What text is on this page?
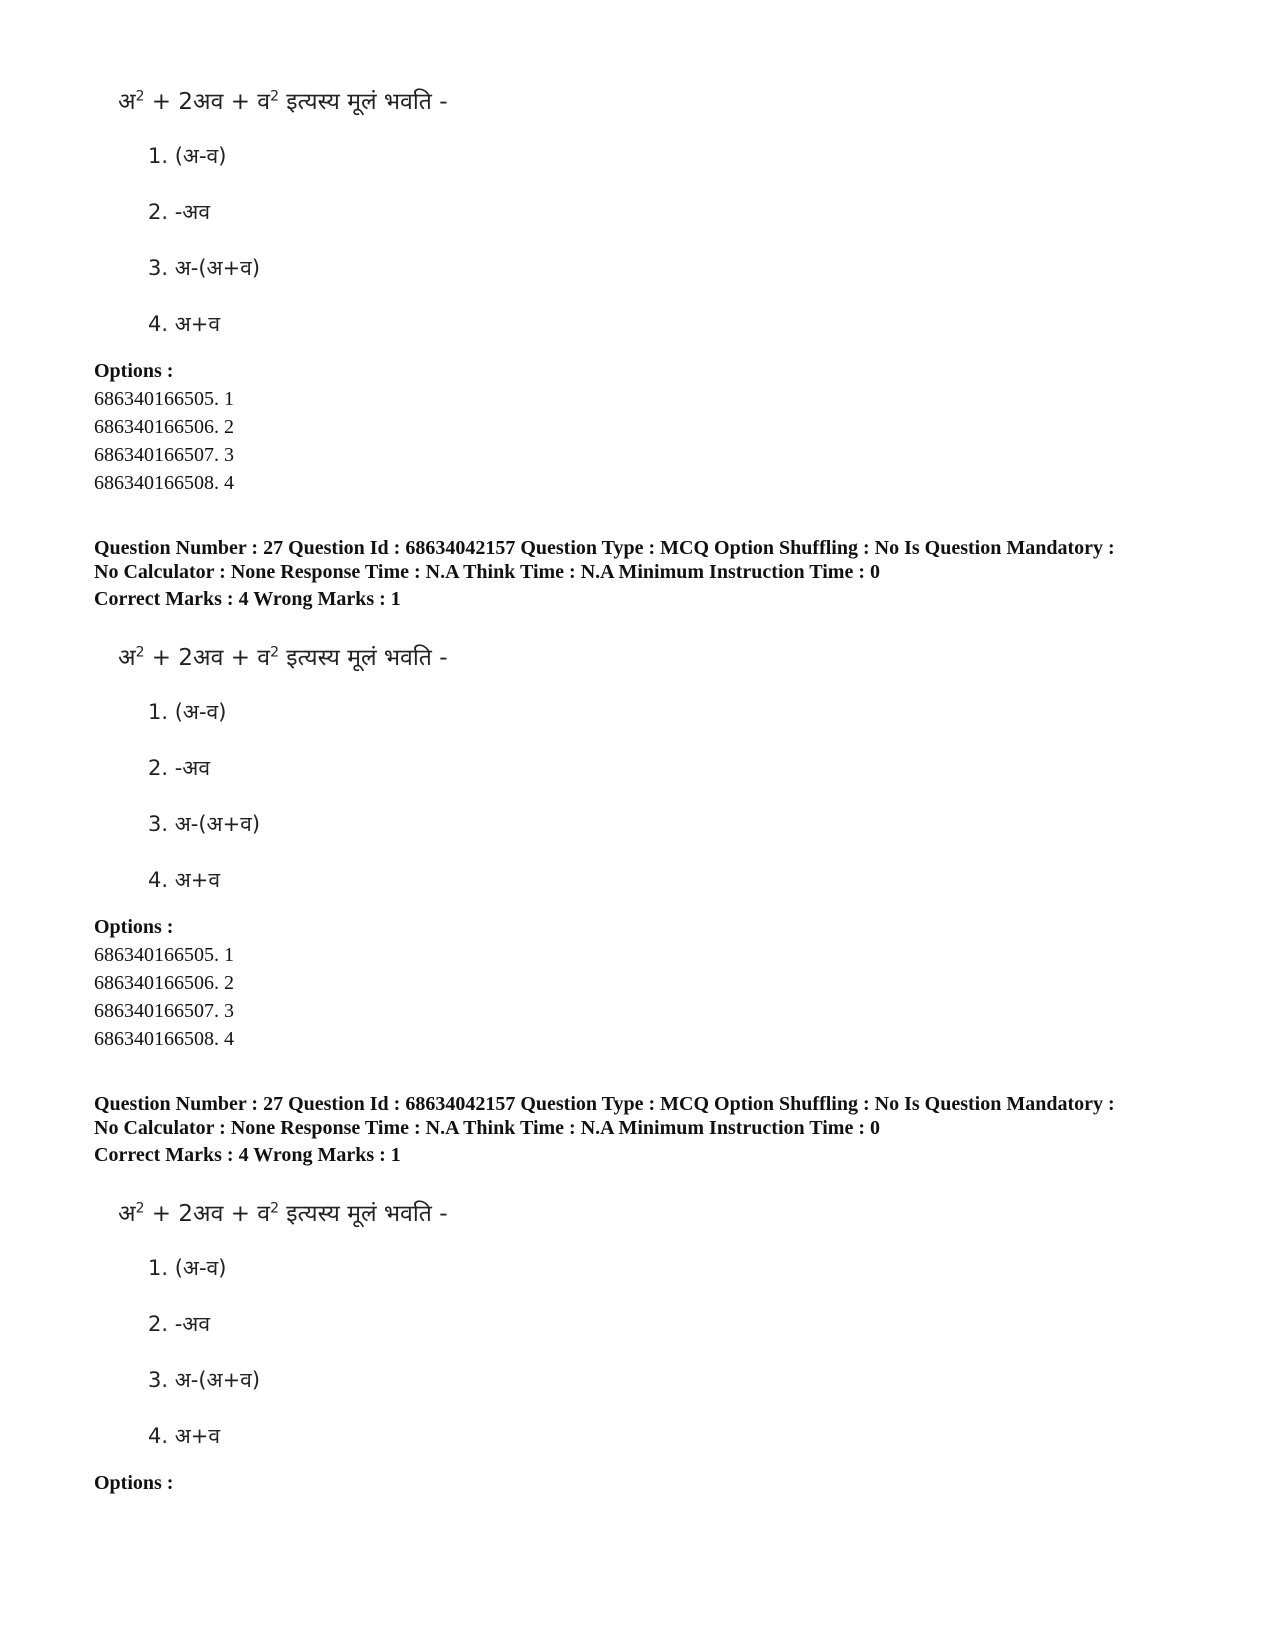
अ$^2$ + 2अव + व$^2$ इत्यस्य मूलं भवति -
1. (अ-व)
2. -अव
3. अ-(अ+व)
4. अ+व
Options :
686340166505. 1
686340166506. 2
686340166507. 3
686340166508. 4
Question Number : 27 Question Id : 68634042157 Question Type : MCQ Option Shuffling : No Is Question Mandatory :
No Calculator : None Response Time : N.A Think Time : N.A Minimum Instruction Time : 0
Correct Marks : 4 Wrong Marks : 1
अ$^2$ + 2अव + व$^2$ इत्यस्य मूलं भवति -
1. (अ-व)
2. -अव
3. अ-(अ+व)
4. अ+व
Options :
686340166505. 1
686340166506. 2
686340166507. 3
686340166508. 4
Question Number : 27 Question Id : 68634042157 Question Type : MCQ Option Shuffling : No Is Question Mandatory :
No Calculator : None Response Time : N.A Think Time : N.A Minimum Instruction Time : 0
Correct Marks : 4 Wrong Marks : 1
अ$^2$ + 2अव + व$^2$ इत्यस्य मूलं भवति -
1. (अ-व)
2. -अव
3. अ-(अ+व)
4. अ+व
Options :
